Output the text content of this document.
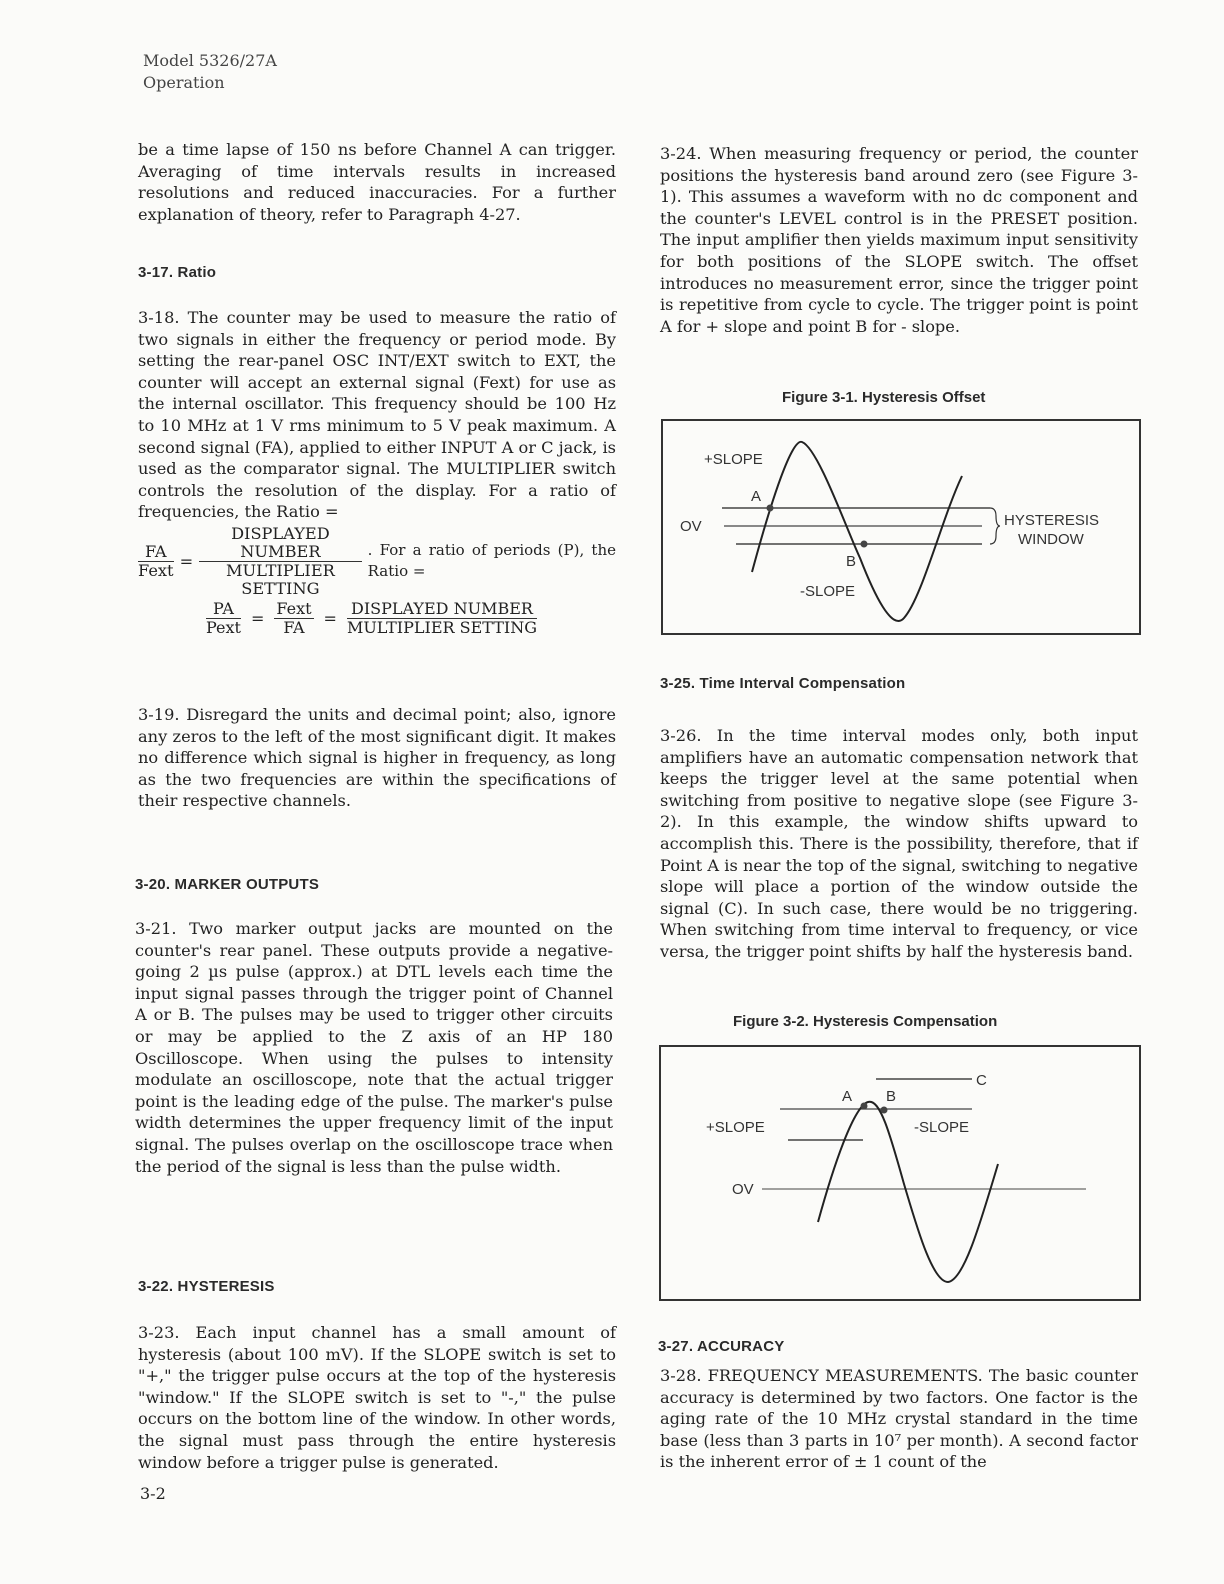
Model 5326/27A
Operation

be a time lapse of 150 ns before Channel A can trigger. Averaging of time intervals results in increased resolutions and reduced inaccuracies. For a further explanation of theory, refer to Paragraph 4-27.

3-17. Ratio

3-18. The counter may be used to measure the ratio of two signals in either the frequency or period mode. By setting the rear-panel OSC INT/EXT switch to EXT, the counter will accept an external signal (Fext) for use as the internal oscillator. This frequency should be 100 Hz to 10 MHz at 1 V rms minimum to 5 V peak maximum. A second signal (FA), applied to either INPUT A or C jack, is used as the comparator signal. The MULTIPLIER switch controls the resolution of the display. For a ratio of frequencies, the Ratio =

$\frac{FA}{\text{Fext}} = \frac{\text{DISPLAYED NUMBER}}{\text{MULTIPLIER SETTING}}$ . For a ratio of periods (P), the Ratio =
$\frac{PA}{\text{Pext}} = \frac{\text{Fext}}{FA} = \frac{\text{DISPLAYED NUMBER}}{\text{MULTIPLIER SETTING}}$

3-19. Disregard the units and decimal point; also, ignore any zeros to the left of the most significant digit. It makes no difference which signal is higher in frequency, as long as the two frequencies are within the specifications of their respective channels.

3-20. MARKER OUTPUTS

3-21. Two marker output jacks are mounted on the counter's rear panel. These outputs provide a negative-going 2 µs pulse (approx.) at DTL levels each time the input signal passes through the trigger point of Channel A or B. The pulses may be used to trigger other circuits or may be applied to the Z axis of an HP 180 Oscilloscope. When using the pulses to intensity modulate an oscilloscope, note that the actual trigger point is the leading edge of the pulse. The marker's pulse width determines the upper frequency limit of the input signal. The pulses overlap on the oscilloscope trace when the period of the signal is less than the pulse width.

3-22. HYSTERESIS

3-23. Each input channel has a small amount of hysteresis (about 100 mV). If the SLOPE switch is set to "+," the trigger pulse occurs at the top of the hysteresis "window." If the SLOPE switch is set to "-," the pulse occurs on the bottom line of the window. In other words, the signal must pass through the entire hysteresis window before a trigger pulse is generated.

3-2

3-24. When measuring frequency or period, the counter positions the hysteresis band around zero (see Figure 3-1). This assumes a waveform with no dc component and the counter's LEVEL control is in the PRESET position. The input amplifier then yields maximum input sensitivity for both positions of the SLOPE switch. The offset introduces no measurement error, since the trigger point is repetitive from cycle to cycle. The trigger point is point A for + slope and point B for - slope.

Figure 3-1. Hysteresis Offset
+SLOPE
A
OV
B
-SLOPE
HYSTERESIS
WINDOW
3-25. Time Interval Compensation

3-26. In the time interval modes only, both input amplifiers have an automatic compensation network that keeps the trigger level at the same potential when switching from positive to negative slope (see Figure 3-2). In this example, the window shifts upward to accomplish this. There is the possibility, therefore, that if Point A is near the top of the signal, switching to negative slope will place a portion of the window outside the signal (C). In such case, there would be no triggering. When switching from time interval to frequency, or vice versa, the trigger point shifts by half the hysteresis band.

Figure 3-2. Hysteresis Compensation
C
A B
+SLOPE	-SLOPE
OV
3-27. ACCURACY

3-28. FREQUENCY MEASUREMENTS. The basic counter accuracy is determined by two factors. One factor is the aging rate of the 10 MHz crystal standard in the time base (less than 3 parts in 10⁷ per month). A second factor is the inherent error of ± 1 count of the
